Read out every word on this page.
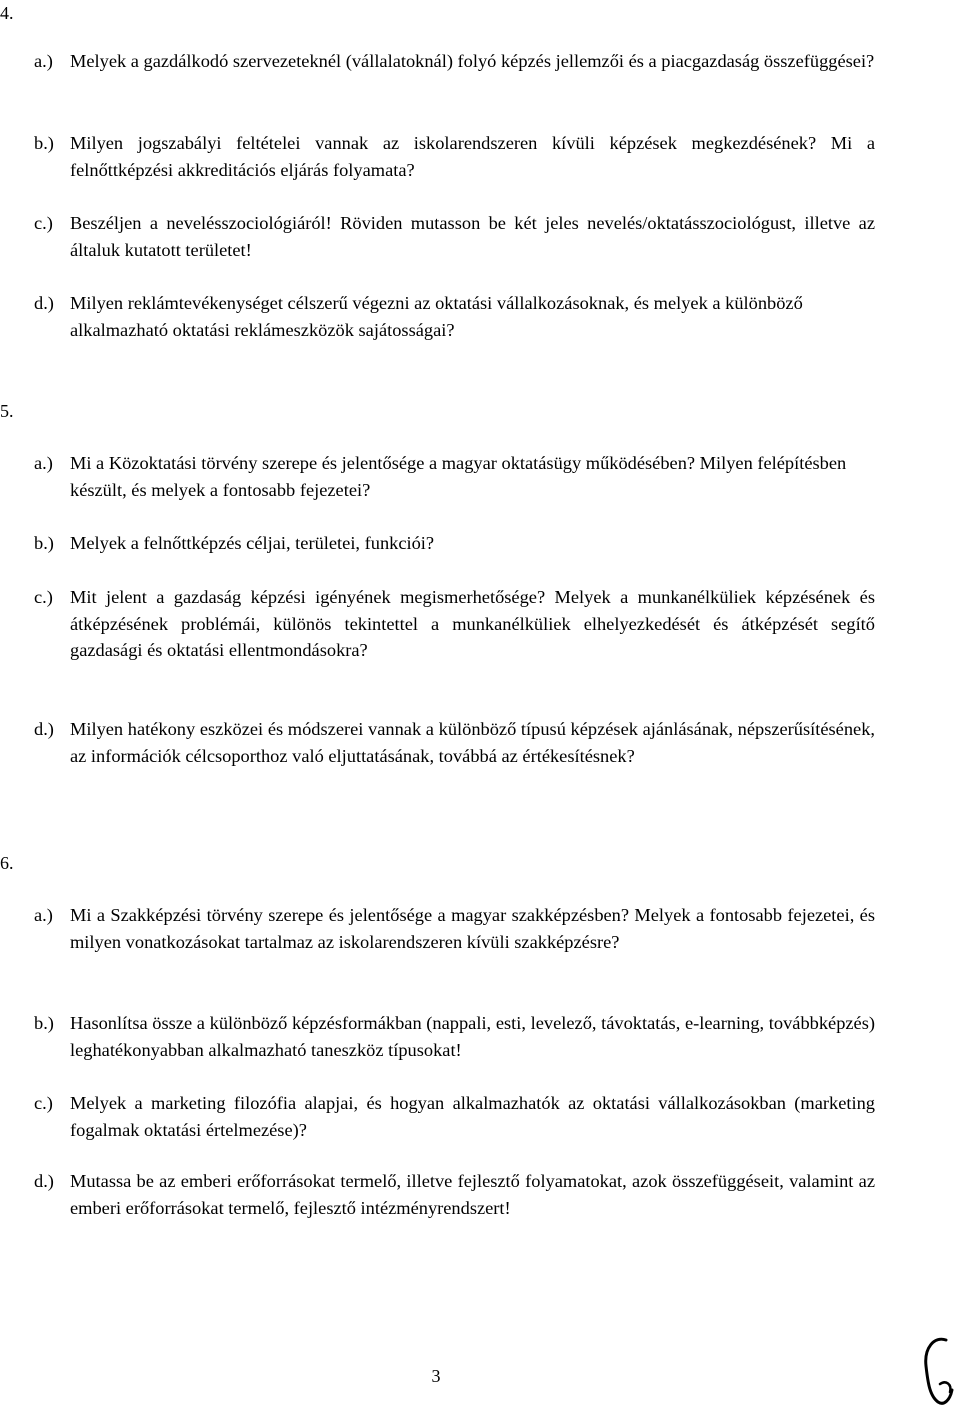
4.
a.) Melyek a gazdálkodó szervezeteknél (vállalatoknál) folyó képzés jellemzői és a piacgazdaság összefüggései?
b.) Milyen jogszabályi feltételei vannak az iskolarendszeren kívüli képzések megkezdésének? Mi a felnőttképzési akkreditációs eljárás folyamata?
c.) Beszéljen a nevelésszociológiáról! Röviden mutasson be két jeles nevelés/oktatásszociológust, illetve az általuk kutatott területet!
d.) Milyen reklámtevékenységet célszerű végezni az oktatási vállalkozásoknak, és melyek a különböző alkalmazható oktatási reklámeszközök sajátosságai?
5.
a.) Mi a Közoktatási törvény szerepe és jelentősége a magyar oktatásügy működésében? Milyen felépítésben készült, és melyek a fontosabb fejezetei?
b.) Melyek a felnőttképzés céljai, területei, funkciói?
c.) Mit jelent a gazdaság képzési igényének megismerhetősége? Melyek a munkanélküliek képzésének és átképzésének problémái, különös tekintettel a munkanélküliek elhelyezkedését és átképzését segítő gazdasági és oktatási ellentmondásokra?
d.) Milyen hatékony eszközei és módszerei vannak a különböző típusú képzések ajánlásának, népszerűsítésének, az információk célcsoporthoz való eljuttatásának, továbbá az értékesítésnek?
6.
a.) Mi a Szakképzési törvény szerepe és jelentősége a magyar szakképzésben? Melyek a fontosabb fejezetei, és milyen vonatkozásokat tartalmaz az iskolarendszeren kívüli szakképzésre?
b.) Hasonlítsa össze a különböző képzésformákban (nappali, esti, levelező, távoktatás, e-learning, továbbképzés) leghatékonyabban alkalmazható taneszköz típusokat!
c.) Melyek a marketing filozófia alapjai, és hogyan alkalmazhatók az oktatási vállalkozásokban (marketing fogalmak oktatási értelmezése)?
d.) Mutassa be az emberi erőforrásokat termelő, illetve fejlesztő folyamatokat, azok összefüggéseit, valamint az emberi erőforrásokat termelő, fejlesztő intézményrendszert!
3
